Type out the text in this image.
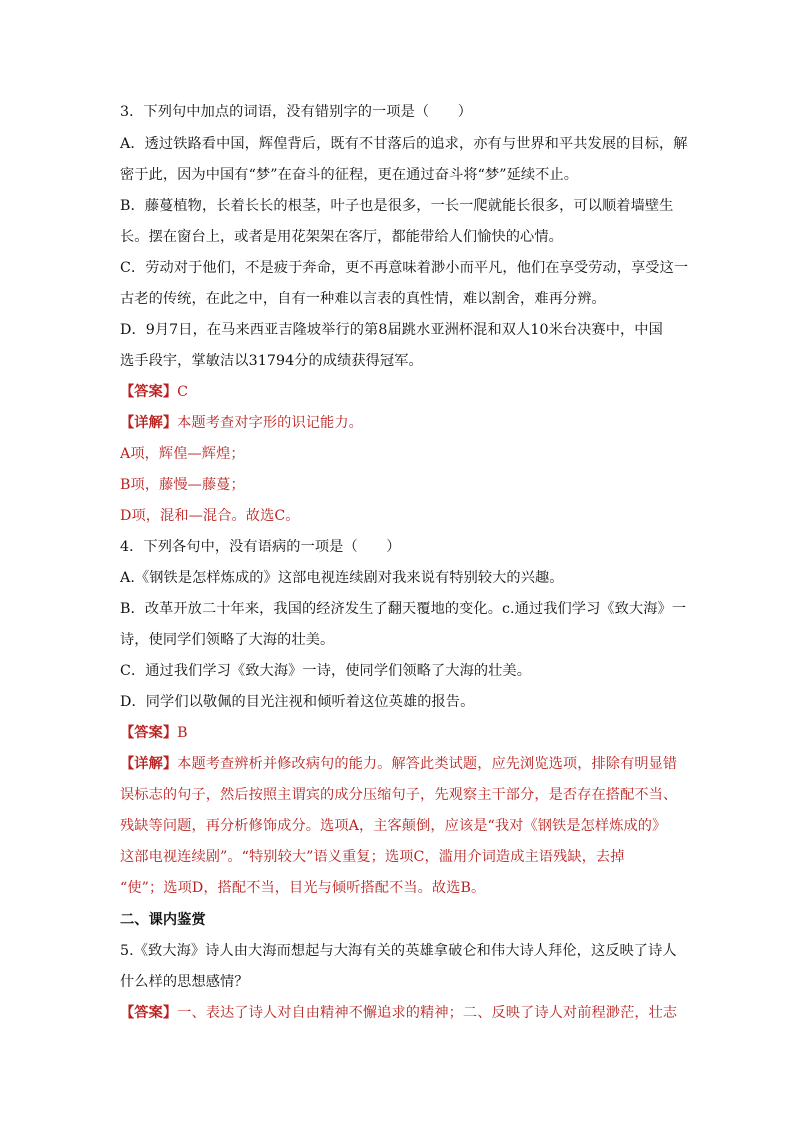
3．下列句中加点的词语，没有错别字的一项是（　　）
A．透过铁路看中国，辉偟背后，既有不甘落后的追求，亦有与世界和平共发展的目标，解
密于此，因为中国有“梦”在奋斗的征程，更在通过奋斗将“梦”延续不止。
B．藤蔓植物，长着长长的根茎，叶子也是很多，一长一爬就能长很多，可以顺着墙壁生
长。摆在窗台上，或者是用花架架在客厅，都能带给人们愉快的心情。
C．劳动对于他们，不是疲于奔命，更不再意味着渺小而平凡，他们在享受劳动，享受这一
古老的传统，在此之中，自有一种难以言表的真性情，难以割舍，难再分辨。
D．9月7日，在马来西亚吉隆坡举行的第8届跳水亚洲杯混和双人10米台决赛中，中国
选手段宇，掌敏洁以31794分的成绩获得冠军。
【答案】C
【详解】本题考查对字形的识记能力。
A项，辉偟—辉煌；
B项，藤慢—藤蔓；
D项，混和—混合。故选C。
4．下列各句中，没有语病的一项是（　　）
A.《钢铁是怎样炼成的》这部电视连续剧对我来说有特别较大的兴趣。
B．改革开放二十年来，我国的经济发生了翻天覆地的变化。c.通过我们学习《致大海》一
诗，使同学们领略了大海的壮美。
C．通过我们学习《致大海》一诗，使同学们领略了大海的壮美。
D．同学们以敬佩的目光注视和倾听着这位英雄的报告。
【答案】B
【详解】本题考查辨析并修改病句的能力。解答此类试题，应先浏览选项，排除有明显错
误标志的句子，然后按照主谓宾的成分压缩句子，先观察主干部分，是否存在搭配不当、
残缺等问题，再分析修饰成分。选项A，主客颠倒，应该是“我对《钢铁是怎样炼成的》
这部电视连续剧”。“特别较大”语义重复；选项C，滥用介词造成主语残缺，去掉
“使”；选项D，搭配不当，目光与倾听搭配不当。故选B。
二、课内鉴赏
5.《致大海》诗人由大海而想起与大海有关的英雄拿破仑和伟大诗人拜伦，这反映了诗人
什么样的思想感情？
【答案】一、表达了诗人对自由精神不懈追求的精神；二、反映了诗人对前程渺茫，壮志
